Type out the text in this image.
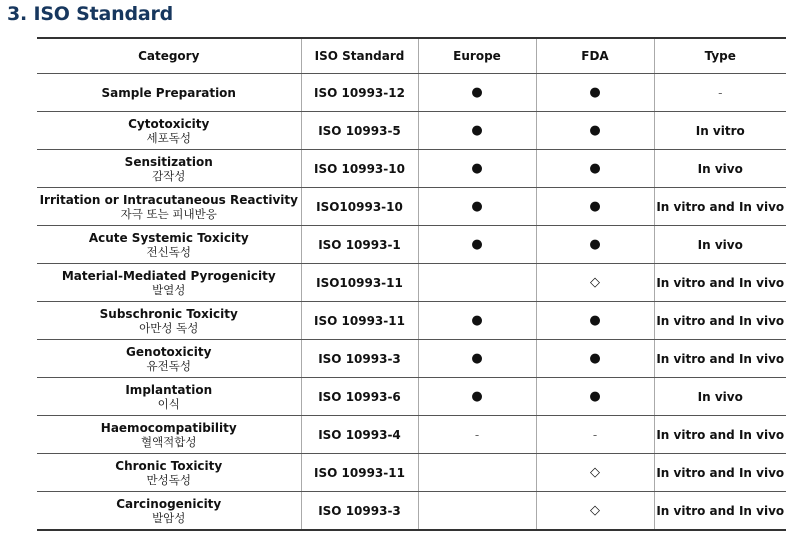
3. ISO Standard
Category	ISO Standard	Europe	FDA	Type

Sample Preparation	ISO 10993-12	●	●	-

Cytotoxicity
세포독성	ISO 10993-5	●	●	In vitro

Sensitization
감작성	ISO 10993-10	●	●	In vivo

Irritation or Intracutaneous Reactivity
자극 또는 피내반응	ISO10993-10	●	●	In vitro and In vivo

Acute Systemic Toxicity
전신독성	ISO 10993-1	●	●	In vivo

Material-Mediated Pyrogenicity
발열성	ISO10993-11		◇	In vitro and In vivo

Subschronic Toxicity
아만성 독성	ISO 10993-11	●	●	In vitro and In vivo

Genotoxicity
유전독성	ISO 10993-3	●	●	In vitro and In vivo

Implantation
이식	ISO 10993-6	●	●	In vivo

Haemocompatibility
혈액적합성	ISO 10993-4	-	-	In vitro and In vivo

Chronic Toxicity
만성독성	ISO 10993-11		◇	In vitro and In vivo

Carcinogenicity
발암성	ISO 10993-3		◇	In vitro and In vivo
